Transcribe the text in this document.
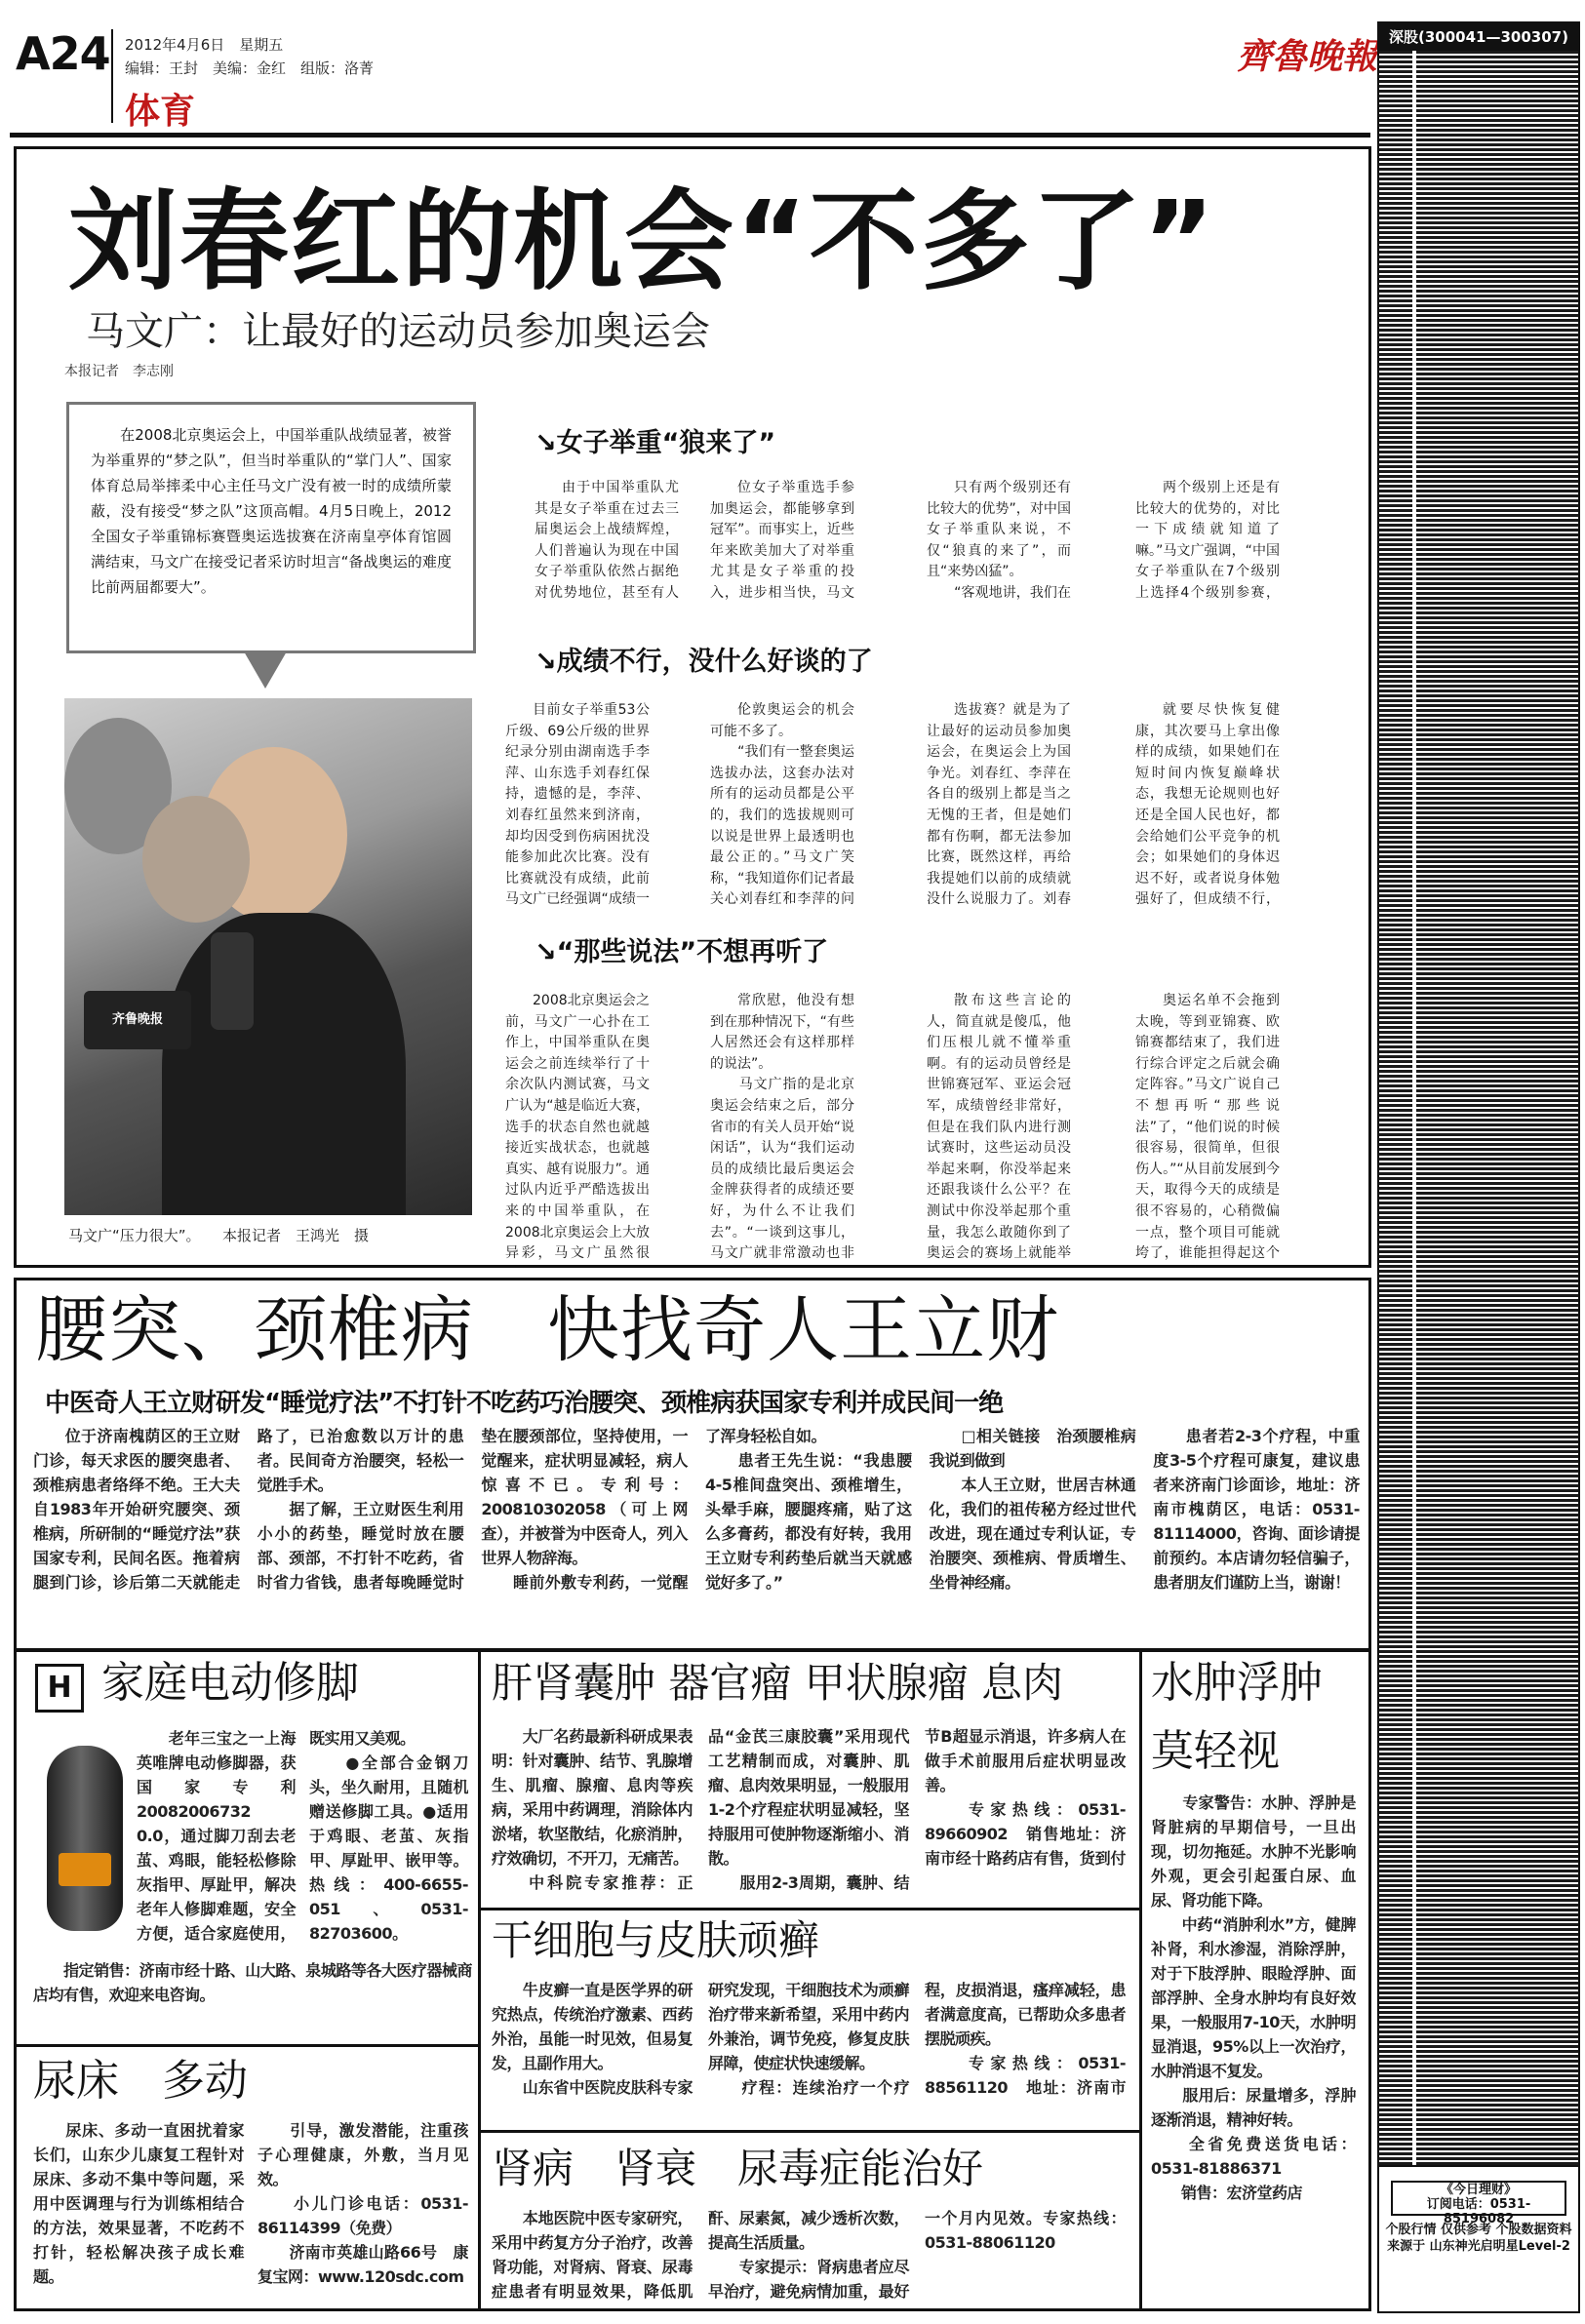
A24 2012年4月6日　星期五
编辑：王封　美编：金红　组版：洛菁
体育
齊魯晚報 深股(300041—300307)
《今日理财》
订阅电话：0531-85196082
个股行情 仅供参考 个股数据资料来源于 山东神光启明星Level-2
刘春红的机会“不多了”
马文广：让最好的运动员参加奥运会
本报记者　李志刚
　　在2008北京奥运会上，中国举重队战绩显著，被誉为举重界的“梦之队”，但当时举重队的“掌门人”、国家体育总局举摔柔中心主任马文广没有被一时的成绩所蒙蔽，没有接受“梦之队”这顶高帽。4月5日晚上，2012全国女子举重锦标赛暨奥运选拔赛在济南皇亭体育馆圆满结束，马文广在接受记者采访时坦言“备战奥运的难度比前两届都要大”。
齐鲁晚报
马文广“压力很大”。　　本报记者　王鸿光　摄
↘女子举重“狼来了”
由于中国举重队尤其是女子举重在过去三届奥运会上战绩辉煌，人们普遍认为现在中国女子举重队依然占据绝对优势地位，甚至有人
位女子举重选手参加奥运会，都能够拿到冠军”。而事实上，近些年来欧美加大了对举重尤其是女子举重的投入，进步相当快，马文
只有两个级别还有比较大的优势”，对中国女子举重队来说，不仅“狼真的来了”，而且“来势凶猛”。
　　“客观地讲，我们在
两个级别上还是有比较大的优势的，对比一下成绩就知道了嘛。”马文广强调，“中国女子举重队在7个级别上选择4个级别参赛，
↘成绩不行，没什么好谈的了
目前女子举重53公斤级、69公斤级的世界纪录分别由湖南选手李萍、山东选手刘春红保持，遗憾的是，李萍、刘春红虽然来到济南，却均因受到伤病困扰没能参加此次比赛。没有比赛就没有成绩，此前马文广已经强调“成绩一
伦敦奥运会的机会可能不多了。
　　“我们有一整套奥运选拔办法，这套办法对所有的运动员都是公平的，我们的选拔规则可以说是世界上最透明也最公正的。”马文广笑称，“我知道你们记者最关心刘春红和李萍的问
选拔赛？就是为了让最好的运动员参加奥运会，在奥运会上为国争光。刘春红、李萍在各自的级别上都是当之无愧的王者，但是她们都有伤啊，都无法参加比赛，既然这样，再给我提她们以前的成绩就没什么说服力了。刘春
就要尽快恢复健康，其次要马上拿出像样的成绩，如果她们在短时间内恢复巅峰状态，我想无论规则也好还是全国人民也好，都会给她们公平竞争的机会；如果她们的身体迟迟不好，或者说身体勉强好了，但成绩不行，
↘“那些说法”不想再听了
2008北京奥运会之前，马文广一心扑在工作上，中国举重队在奥运会之前连续举行了十余次队内测试赛，马文广认为“越是临近大赛，选手的状态自然也就越接近实战状态，也就越真实、越有说服力”。通过队内近乎严酷选拔出来的中国举重队，在2008北京奥运会上大放异彩，马文广虽然很
常欣慰，他没有想到在那种情况下，“有些人居然还会有这样那样的说法”。
　　马文广指的是北京奥运会结束之后，部分省市的有关人员开始“说闲话”，认为“我们运动员的成绩比最后奥运会金牌获得者的成绩还要好，为什么不让我们去”。“一谈到这事儿，马文广就非常激动也非
散布这些言论的人，简直就是傻瓜，他们压根儿就不懂举重啊。有的运动员曾经是世锦赛冠军、亚运会冠军，成绩曾经非常好，但是在我们队内进行测试赛时，这些运动员没举起来啊，你没举起来还跟我谈什么公平？在测试中你没举起那个重量，我怎么敢随你到了奥运会的赛场上就能举

奥运名单不会拖到太晚，等到亚锦赛、欧锦赛都结束了，我们进行综合评定之后就会确定阵容。”马文广说自己不想再听“那些说法”了，“他们说的时候很容易，很简单，但很伤人。”“从目前发展到今天，取得今天的成绩是很不容易的，心稍微偏一点，整个项目可能就垮了，谁能担得起这个
腰突、颈椎病　快找奇人王立财
中医奇人王立财研发“睡觉疗法”不打针不吃药巧治腰突、颈椎病获国家专利并成民间一绝
　　位于济南槐荫区的王立财门诊，每天求医的腰突患者、颈椎病患者络绎不绝。王大夫自1983年开始研究腰突、颈椎病，所研制的“睡觉疗法”获国家专利，民间名医。拖着病腿到门诊，诊后第二天就能走路了，已治愈数以万计的患者。民间奇方治腰突，轻松一觉胜手术。
　　据了解，王立财医生利用小小的药垫，睡觉时放在腰部、颈部，不打针不吃药，省时省力省钱，患者每晚睡觉时垫在腰颈部位，坚持使用，一觉醒来，症状明显减轻，病人惊喜不已。专利号：200810302058（可上网查），并被誉为中医奇人，列入世界人物辞海。
　　睡前外敷专利药，一觉醒了浑身轻松自如。
　　患者王先生说：“我患腰4-5椎间盘突出、颈椎增生，头晕手麻，腰腿疼痛，贴了这么多膏药，都没有好转，我用王立财专利药垫后就当天就感觉好多了。”
　　□相关链接　治颈腰椎病我说到做到
　　本人王立财，世居吉林通化，我们的祖传秘方经过世代改进，现在通过专利认证，专治腰突、颈椎病、骨质增生、坐骨神经痛。
　　患者若2-3个疗程，中重度3-5个疗程可康复，建议患者来济南门诊面诊，地址：济南市槐荫区，电话：0531-81114000，咨询、面诊请提前预约。本店请勿轻信骗子，患者朋友们谨防上当，谢谢！
H 家庭电动修脚
　　老年三宝之一上海英唯牌电动修脚器，获国家专利20082006732 0.0，通过脚刀刮去老茧、鸡眼，能轻松修除灰指甲、厚趾甲，解决老年人修脚难题，安全方便，适合家庭使用，既实用又美观。
　　●全部合金钢刀头，坐久耐用，且随机赠送修脚工具。●适用于鸡眼、老茧、灰指甲、厚趾甲、嵌甲等。热线：400-6655-051、0531-82703600。

　　指定销售：济南市经十路、山大路、泉城路等各大医疗器械商店均有售，欢迎来电咨询。
肝肾囊肿 器官瘤 甲状腺瘤 息肉
　　大厂名药最新科研成果表明：针对囊肿、结节、乳腺增生、肌瘤、腺瘤、息肉等疾病，采用中药调理，消除体内淤堵，软坚散结，化瘀消肿，疗效确切，不开刀，无痛苦。
　　中科院专家推荐：正品“金芪三康胶囊”采用现代工艺精制而成，对囊肿、肌瘤、息肉效果明显，一般服用1-2个疗程症状明显减轻，坚持服用可使肿物逐渐缩小、消散。
　　服用2-3周期，囊肿、结节B超显示消退，许多病人在做手术前服用后症状明显改善。
　　专家热线：0531-89660902　销售地址：济南市经十路药店有售，货到付
水肿浮肿
莫轻视
　　专家警告：水肿、浮肿是肾脏病的早期信号，一旦出现，切勿拖延。水肿不光影响外观，更会引起蛋白尿、血尿、肾功能下降。
　　中药“消肿利水”方，健脾补肾，利水渗湿，消除浮肿，对于下肢浮肿、眼睑浮肿、面部浮肿、全身水肿均有良好效果，一般服用7-10天，水肿明显消退，95%以上一次治疗，水肿消退不复发。
　　服用后：尿量增多，浮肿逐渐消退，精神好转。
　　全省免费送货电话：0531-81886371
　　销售：宏济堂药店
干细胞与皮肤顽癣
　　牛皮癣一直是医学界的研究热点，传统治疗激素、西药外治，虽能一时见效，但易复发，且副作用大。
　　山东省中医院皮肤科专家研究发现，干细胞技术为顽癣治疗带来新希望，采用中药内外兼治，调节免疫，修复皮肤屏障，使症状快速缓解。
　　疗程：连续治疗一个疗程，皮损消退，瘙痒减轻，患者满意度高，已帮助众多患者摆脱顽疾。
　　专家热线：0531-88561120　地址：济南市
尿床　多动
　　尿床、多动一直困扰着家长们，山东少儿康复工程针对尿床、多动不集中等问题，采用中医调理与行为训练相结合的方法，效果显著，不吃药不打针，轻松解决孩子成长难题。
　　引导，激发潜能，注重孩子心理健康，外敷，当月见效。
　　小儿门诊电话：0531-86114399（免费）
　　济南市英雄山路66号　康复宝网：www.120sdc.com
肾病　肾衰　尿毒症能治好
　　本地医院中医专家研究，采用中药复方分子治疗，改善肾功能，对肾病、肾衰、尿毒症患者有明显效果，降低肌酐、尿素氮，减少透析次数，提高生活质量。
　　专家提示：肾病患者应尽早治疗，避免病情加重，最好一个月内见效。专家热线：0531-88061120
